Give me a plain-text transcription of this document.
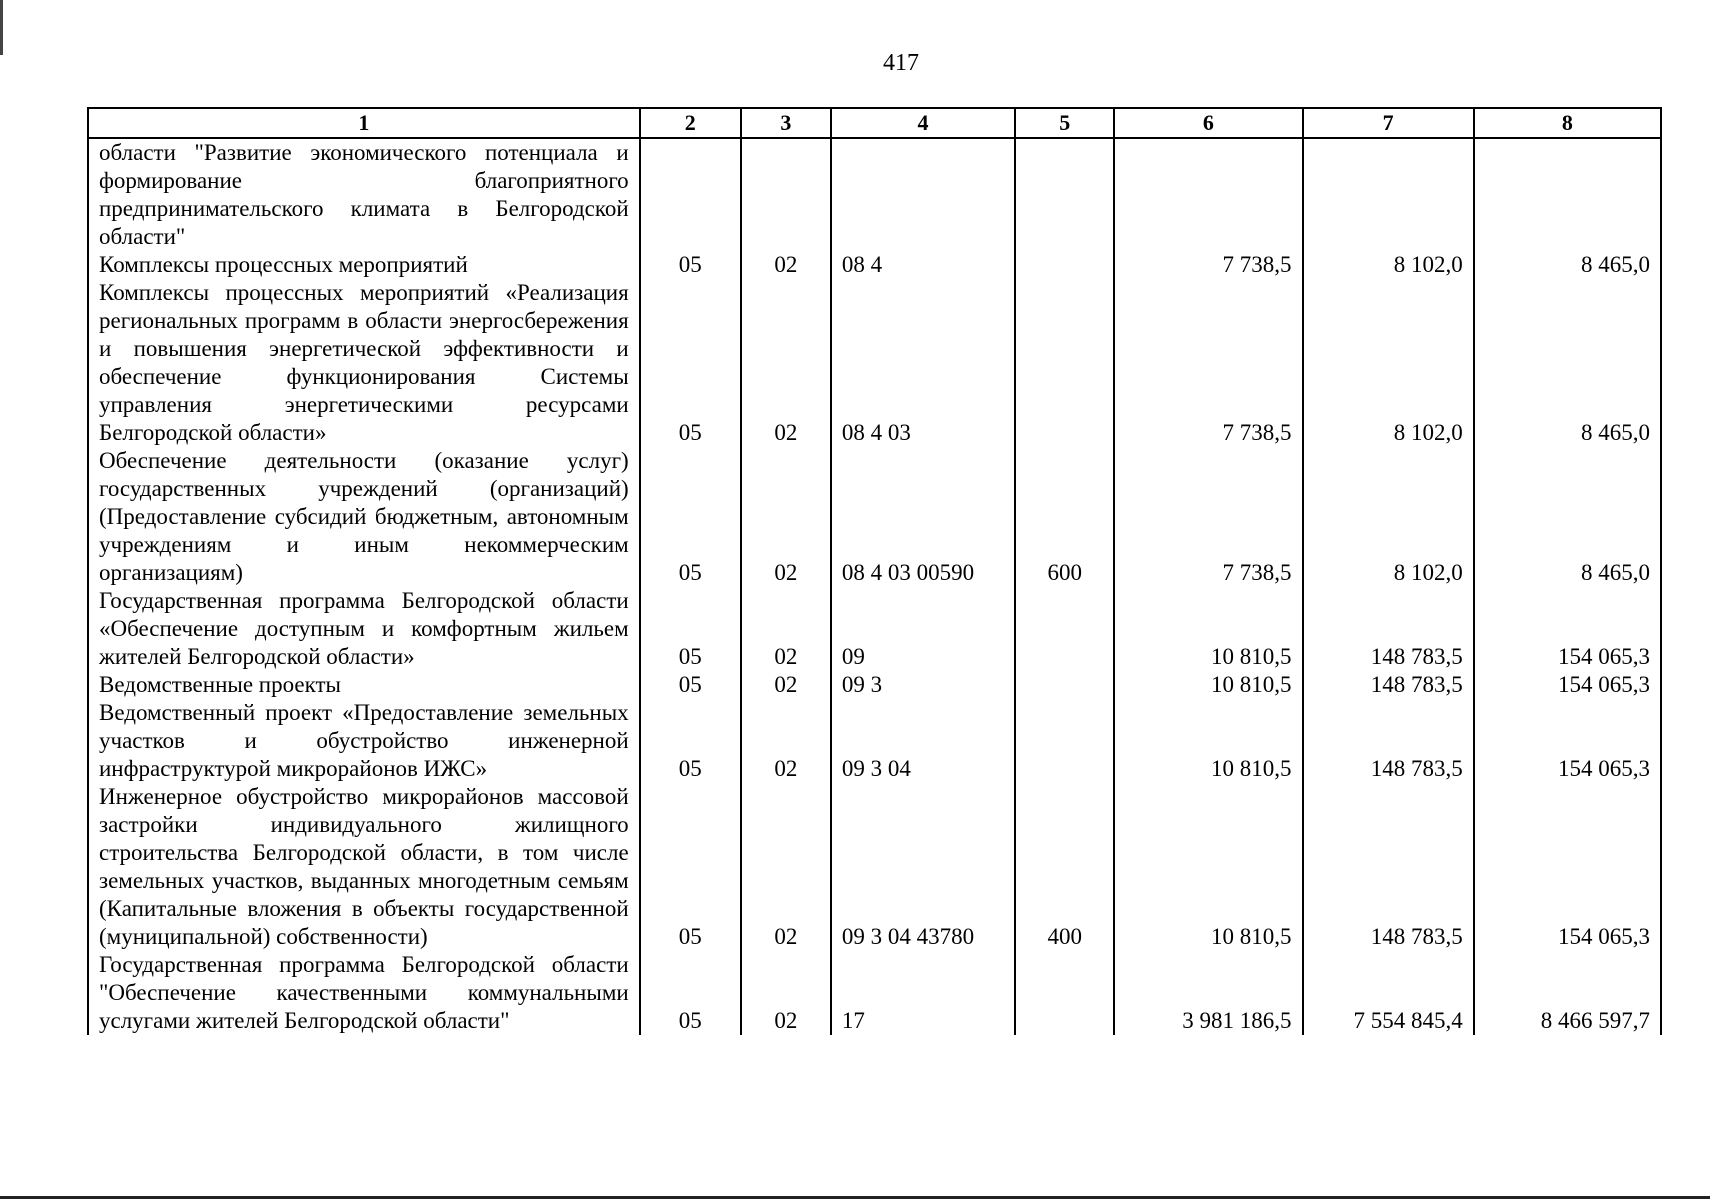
417
1	2	3	4	5	6	7	8
области "Развитие экономического потенциала и формирование благоприятного предпринимательского климата в Белгородской области"							
Комплексы процессных мероприятий	05	02	08 4		7 738,5	8 102,0	8 465,0
Комплексы процессных мероприятий «Реализация региональных программ в области энергосбережения и повышения энергетической эффективности и обеспечение функционирования Системы управления энергетическими ресурсами Белгородской области»	05	02	08 4 03		7 738,5	8 102,0	8 465,0
Обеспечение деятельности (оказание услуг) государственных учреждений (организаций) (Предоставление субсидий бюджетным, автономным учреждениям и иным некоммерческим организациям)	05	02	08 4 03 00590	600	7 738,5	8 102,0	8 465,0
Государственная программа Белгородской области «Обеспечение доступным и комфортным жильем жителей Белгородской области»	05	02	09		10 810,5	148 783,5	154 065,3
Ведомственные проекты	05	02	09 3		10 810,5	148 783,5	154 065,3
Ведомственный проект «Предоставление земельных участков и обустройство инженерной инфраструктурой микрорайонов ИЖС»	05	02	09 3 04		10 810,5	148 783,5	154 065,3
Инженерное обустройство микрорайонов массовой застройки индивидуального жилищного строительства Белгородской области, в том числе земельных участков, выданных многодетным семьям (Капитальные вложения в объекты государственной (муниципальной) собственности)	05	02	09 3 04 43780	400	10 810,5	148 783,5	154 065,3
Государственная программа Белгородской области "Обеспечение качественными коммунальными услугами жителей Белгородской области"	05	02	17		3 981 186,5	7 554 845,4	8 466 597,7
